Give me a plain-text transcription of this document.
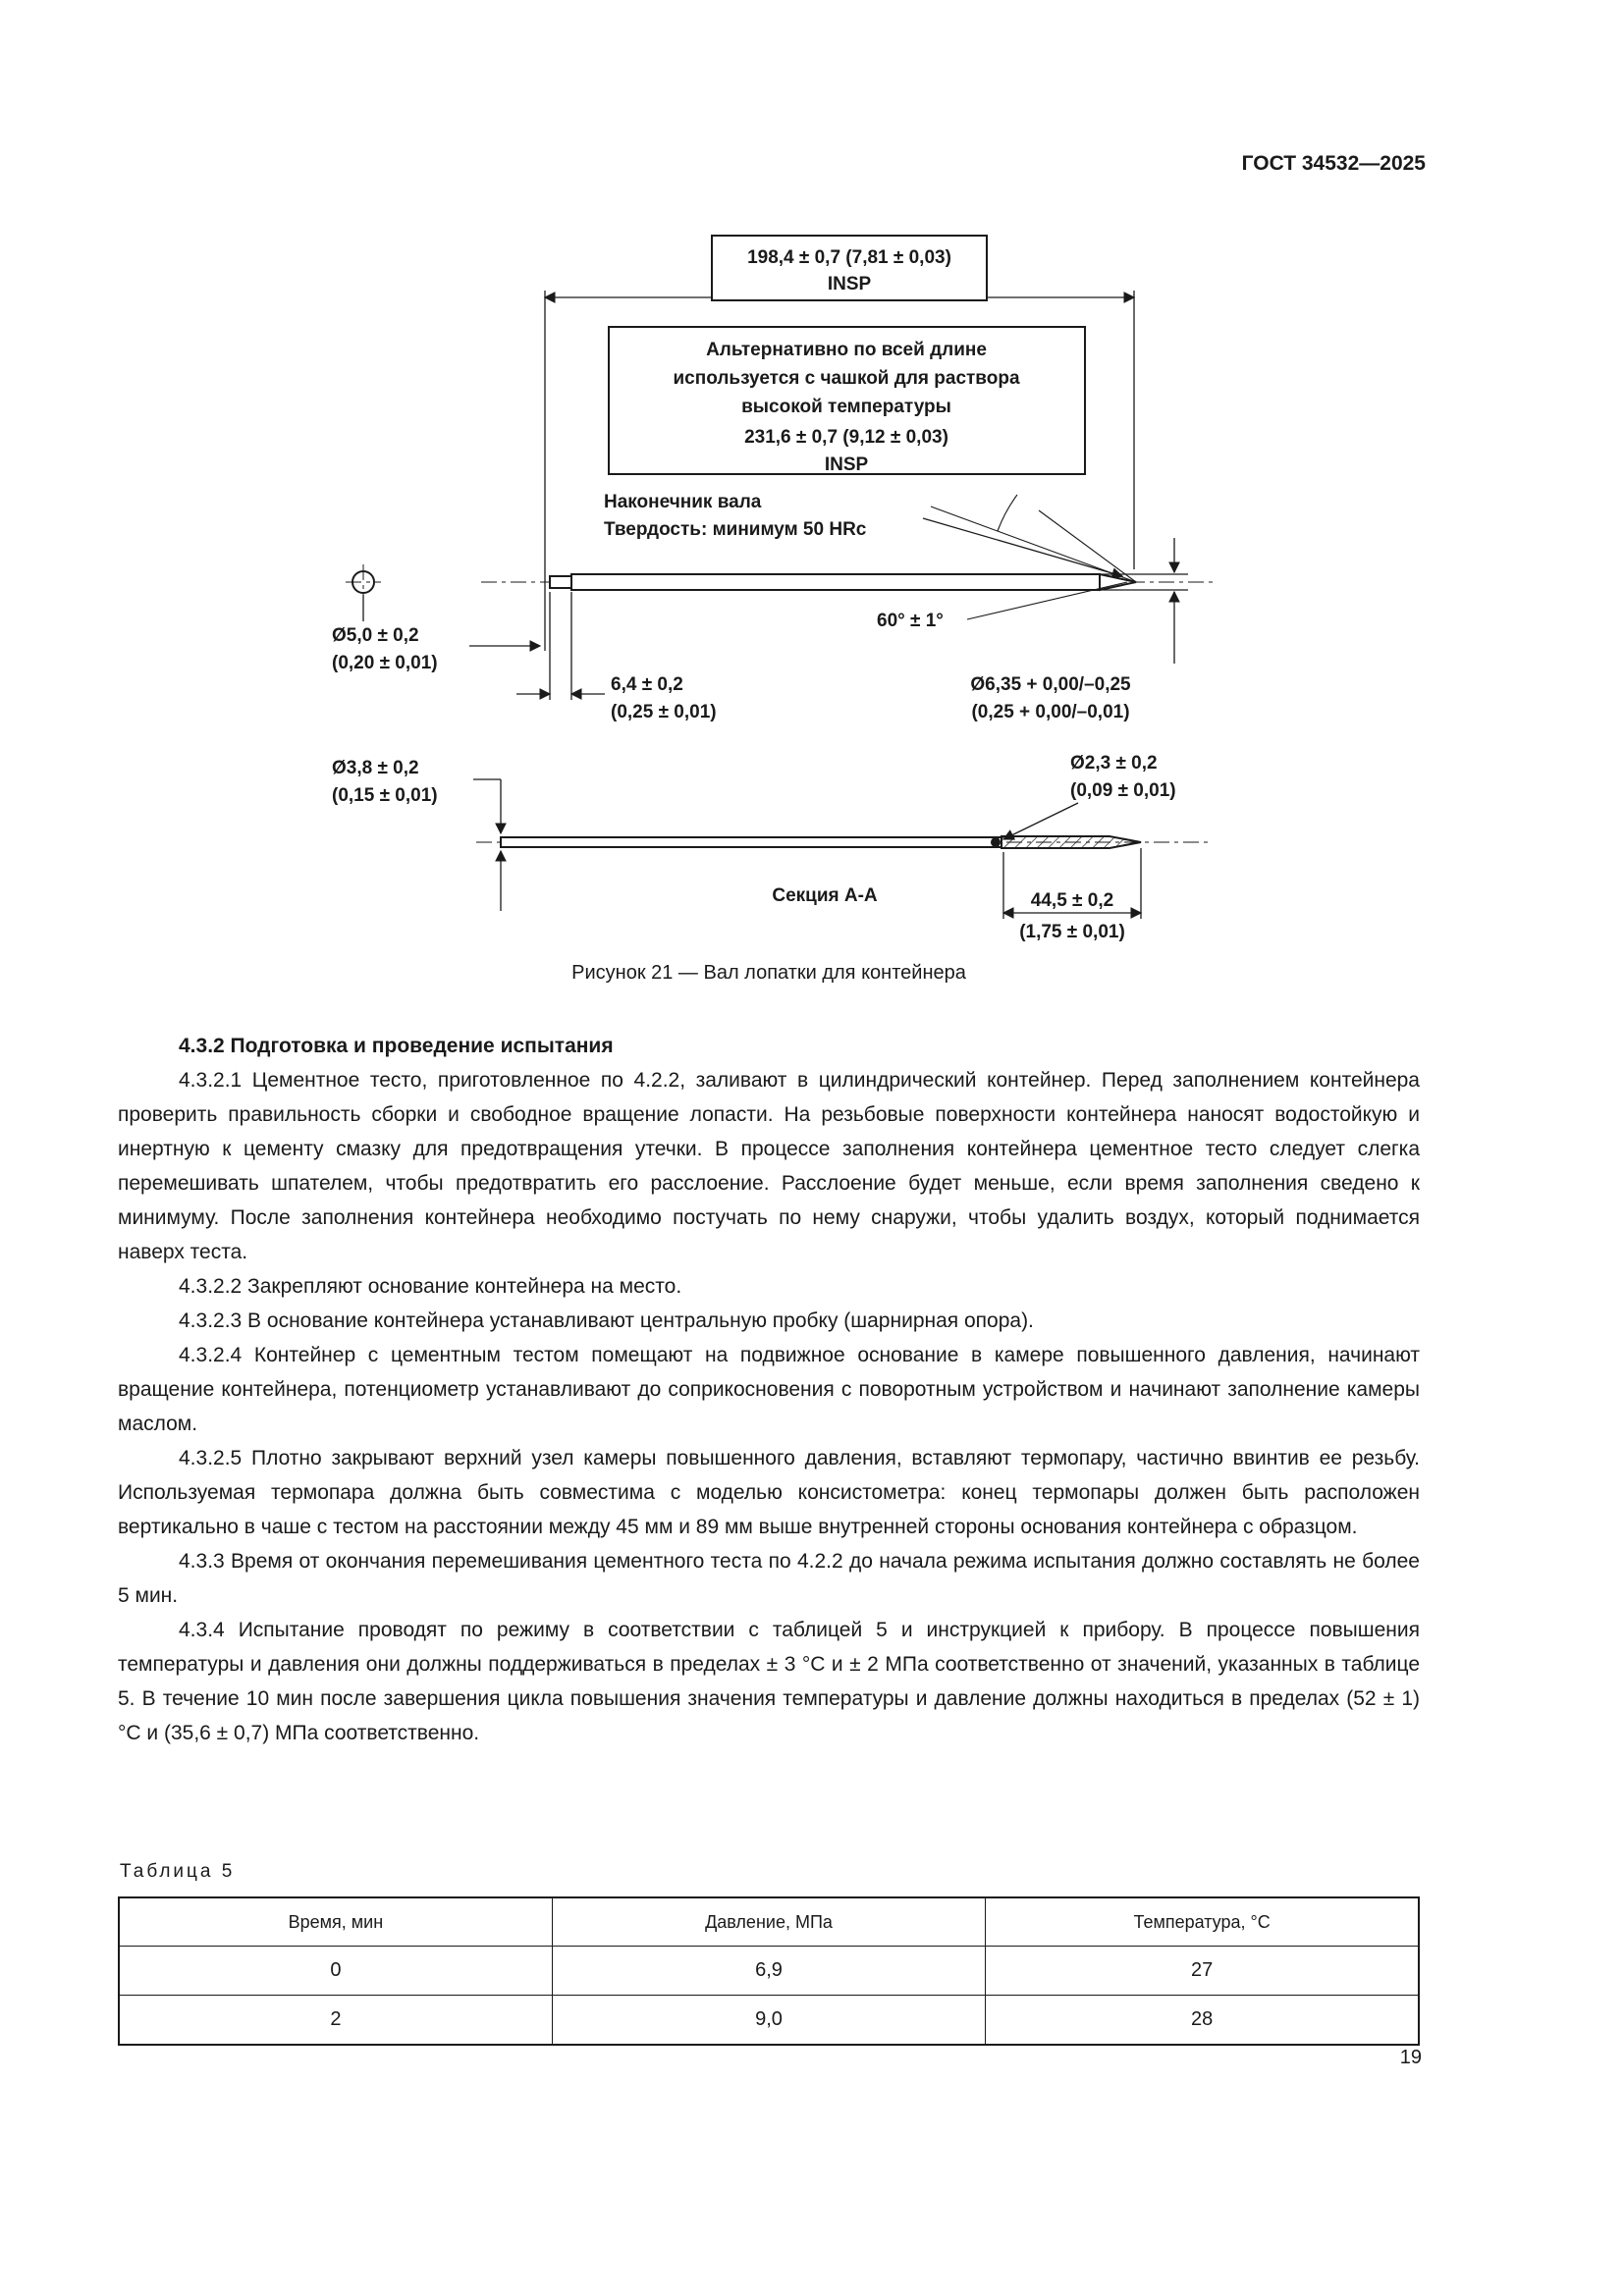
ГОСТ 34532—2025
198,4 ± 0,7 (7,81 ± 0,03)
INSP
Альтернативно по всей длине
используется с чашкой для раствора
высокой температуры
231,6 ± 0,7 (9,12 ± 0,03)
INSP
Наконечник вала
Твердость: минимум 50 HRc
Ø5,0 ± 0,2
(0,20 ± 0,01)
6,4 ± 0,2
(0,25 ± 0,01)
60° ± 1°
Ø6,35 + 0,00/–0,25
(0,25 + 0,00/–0,01)
Ø3,8 ± 0,2
(0,15 ± 0,01)
Ø2,3 ± 0,2
(0,09 ± 0,01)
Секция А-А	44,5 ± 0,2
(1,75 ± 0,01)
Рисунок 21 — Вал лопатки для контейнера

4.3.2 Подготовка и проведение испытания

4.3.2.1 Цементное тесто, приготовленное по 4.2.2, заливают в цилиндрический контейнер. Перед заполнением контейнера проверить правильность сборки и свободное вращение лопасти. На резьбовые поверхности контейнера наносят водостойкую и инертную к цементу смазку для предотвращения утечки. В процессе заполнения контейнера цементное тесто следует слегка перемешивать шпателем, чтобы предотвратить его расслоение. Расслоение будет меньше, если время заполнения сведено к минимуму. После заполнения контейнера необходимо постучать по нему снаружи, чтобы удалить воздух, который поднимается наверх теста.

4.3.2.2 Закрепляют основание контейнера на место.

4.3.2.3 В основание контейнера устанавливают центральную пробку (шарнирная опора).

4.3.2.4 Контейнер с цементным тестом помещают на подвижное основание в камере повышенного давления, начинают вращение контейнера, потенциометр устанавливают до соприкосновения с поворотным устройством и начинают заполнение камеры маслом.

4.3.2.5 Плотно закрывают верхний узел камеры повышенного давления, вставляют термопару, частично ввинтив ее резьбу. Используемая термопара должна быть совместима с моделью консистометра: конец термопары должен быть расположен вертикально в чаше с тестом на расстоянии между 45 мм и 89 мм выше внутренней стороны основания контейнера с образцом.

4.3.3 Время от окончания перемешивания цементного теста по 4.2.2 до начала режима испытания должно составлять не более 5 мин.

4.3.4 Испытание проводят по режиму в соответствии с таблицей 5 и инструкцией к прибору. В процессе повышения температуры и давления они должны поддерживаться в пределах ± 3 °С и ± 2 МПа соответственно от значений, указанных в таблице 5. В течение 10 мин после завершения цикла повышения значения температуры и давление должны находиться в пределах (52 ± 1) °С и (35,6 ± 0,7) МПа соответственно.

Таблица 5
Время, мин	Давление, МПа	Температура, °С
0	6,9	27
2	9,0	28
19
